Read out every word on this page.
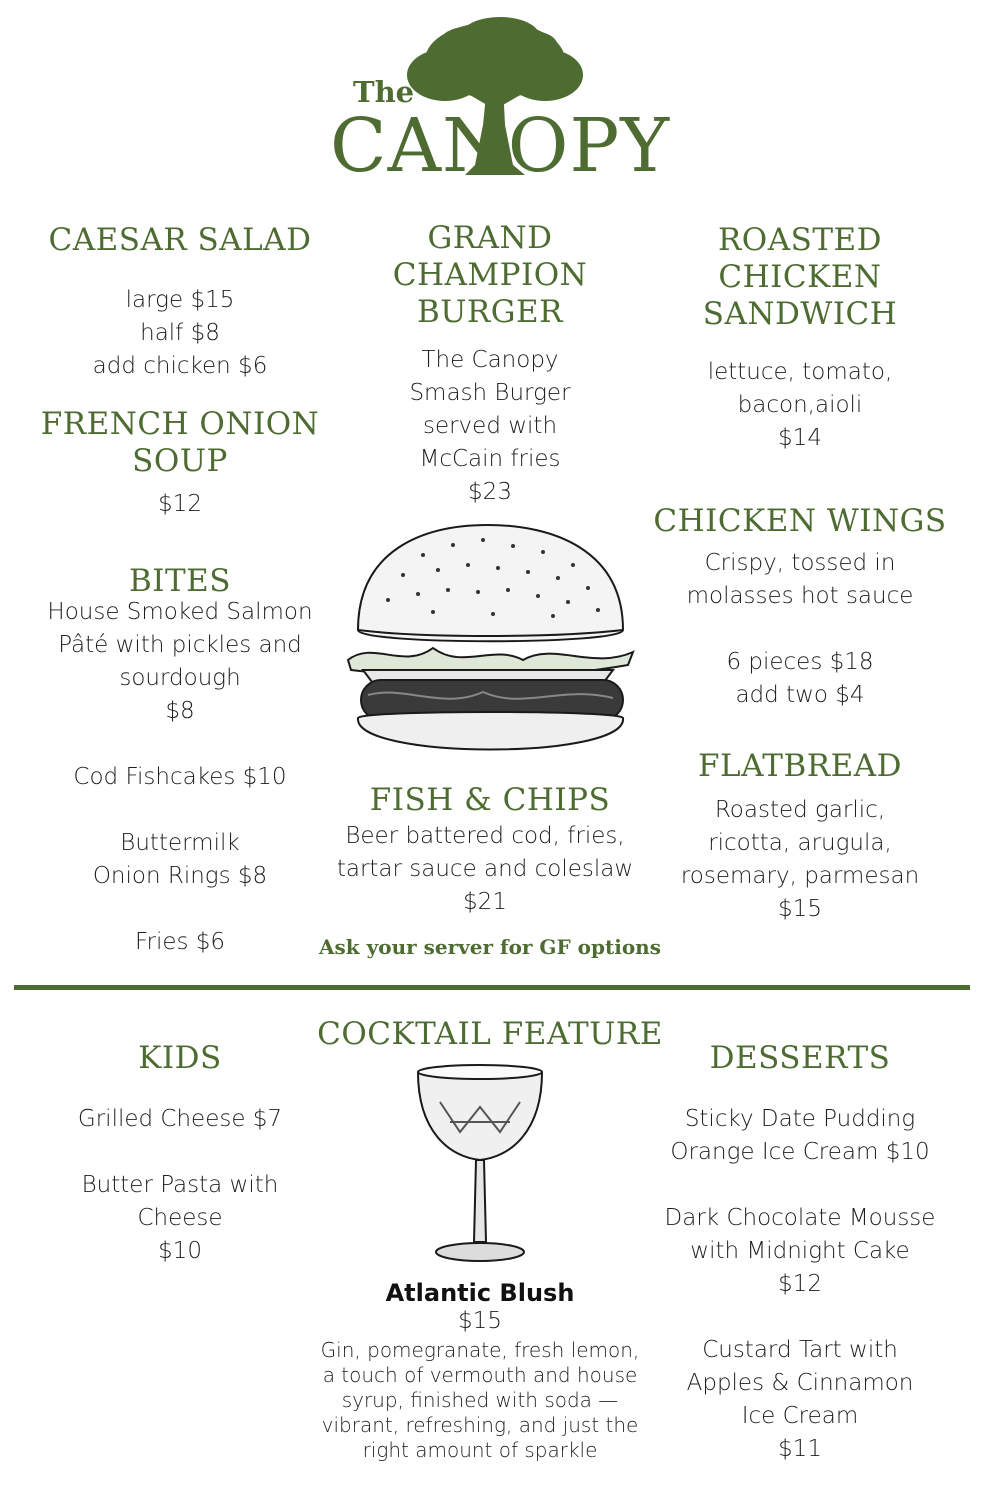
The
CANOPY
CAESAR SALAD
large $15
half $8
add chicken $6
FRENCH ONION
SOUP
$12
BITES
House Smoked Salmon
Pâté with pickles and
sourdough
$8

Cod Fishcakes $10

Buttermilk
Onion Rings $8

Fries $6
GRAND
CHAMPION
BURGER
The Canopy
Smash Burger
served with
McCain fries
$23
FISH & CHIPS
Beer battered cod, fries,
tartar sauce and coleslaw
$21
Ask your server for GF options
ROASTED
CHICKEN
SANDWICH
lettuce, tomato,
bacon,aioli
$14
CHICKEN WINGS
Crispy, tossed in
molasses hot sauce

6 pieces $18
add two $4
FLATBREAD
Roasted garlic,
ricotta, arugula,
rosemary, parmesan
$15
KIDS
Grilled Cheese $7

Butter Pasta with
Cheese
$10
COCKTAIL FEATURE
Atlantic Blush
$15
Gin, pomegranate, fresh lemon,
a touch of vermouth and house
syrup, finished with soda —
vibrant, refreshing, and just the
right amount of sparkle
DESSERTS
Sticky Date Pudding
Orange Ice Cream $10

Dark Chocolate Mousse
with Midnight Cake
$12

Custard Tart with
Apples & Cinnamon
Ice Cream
$11
